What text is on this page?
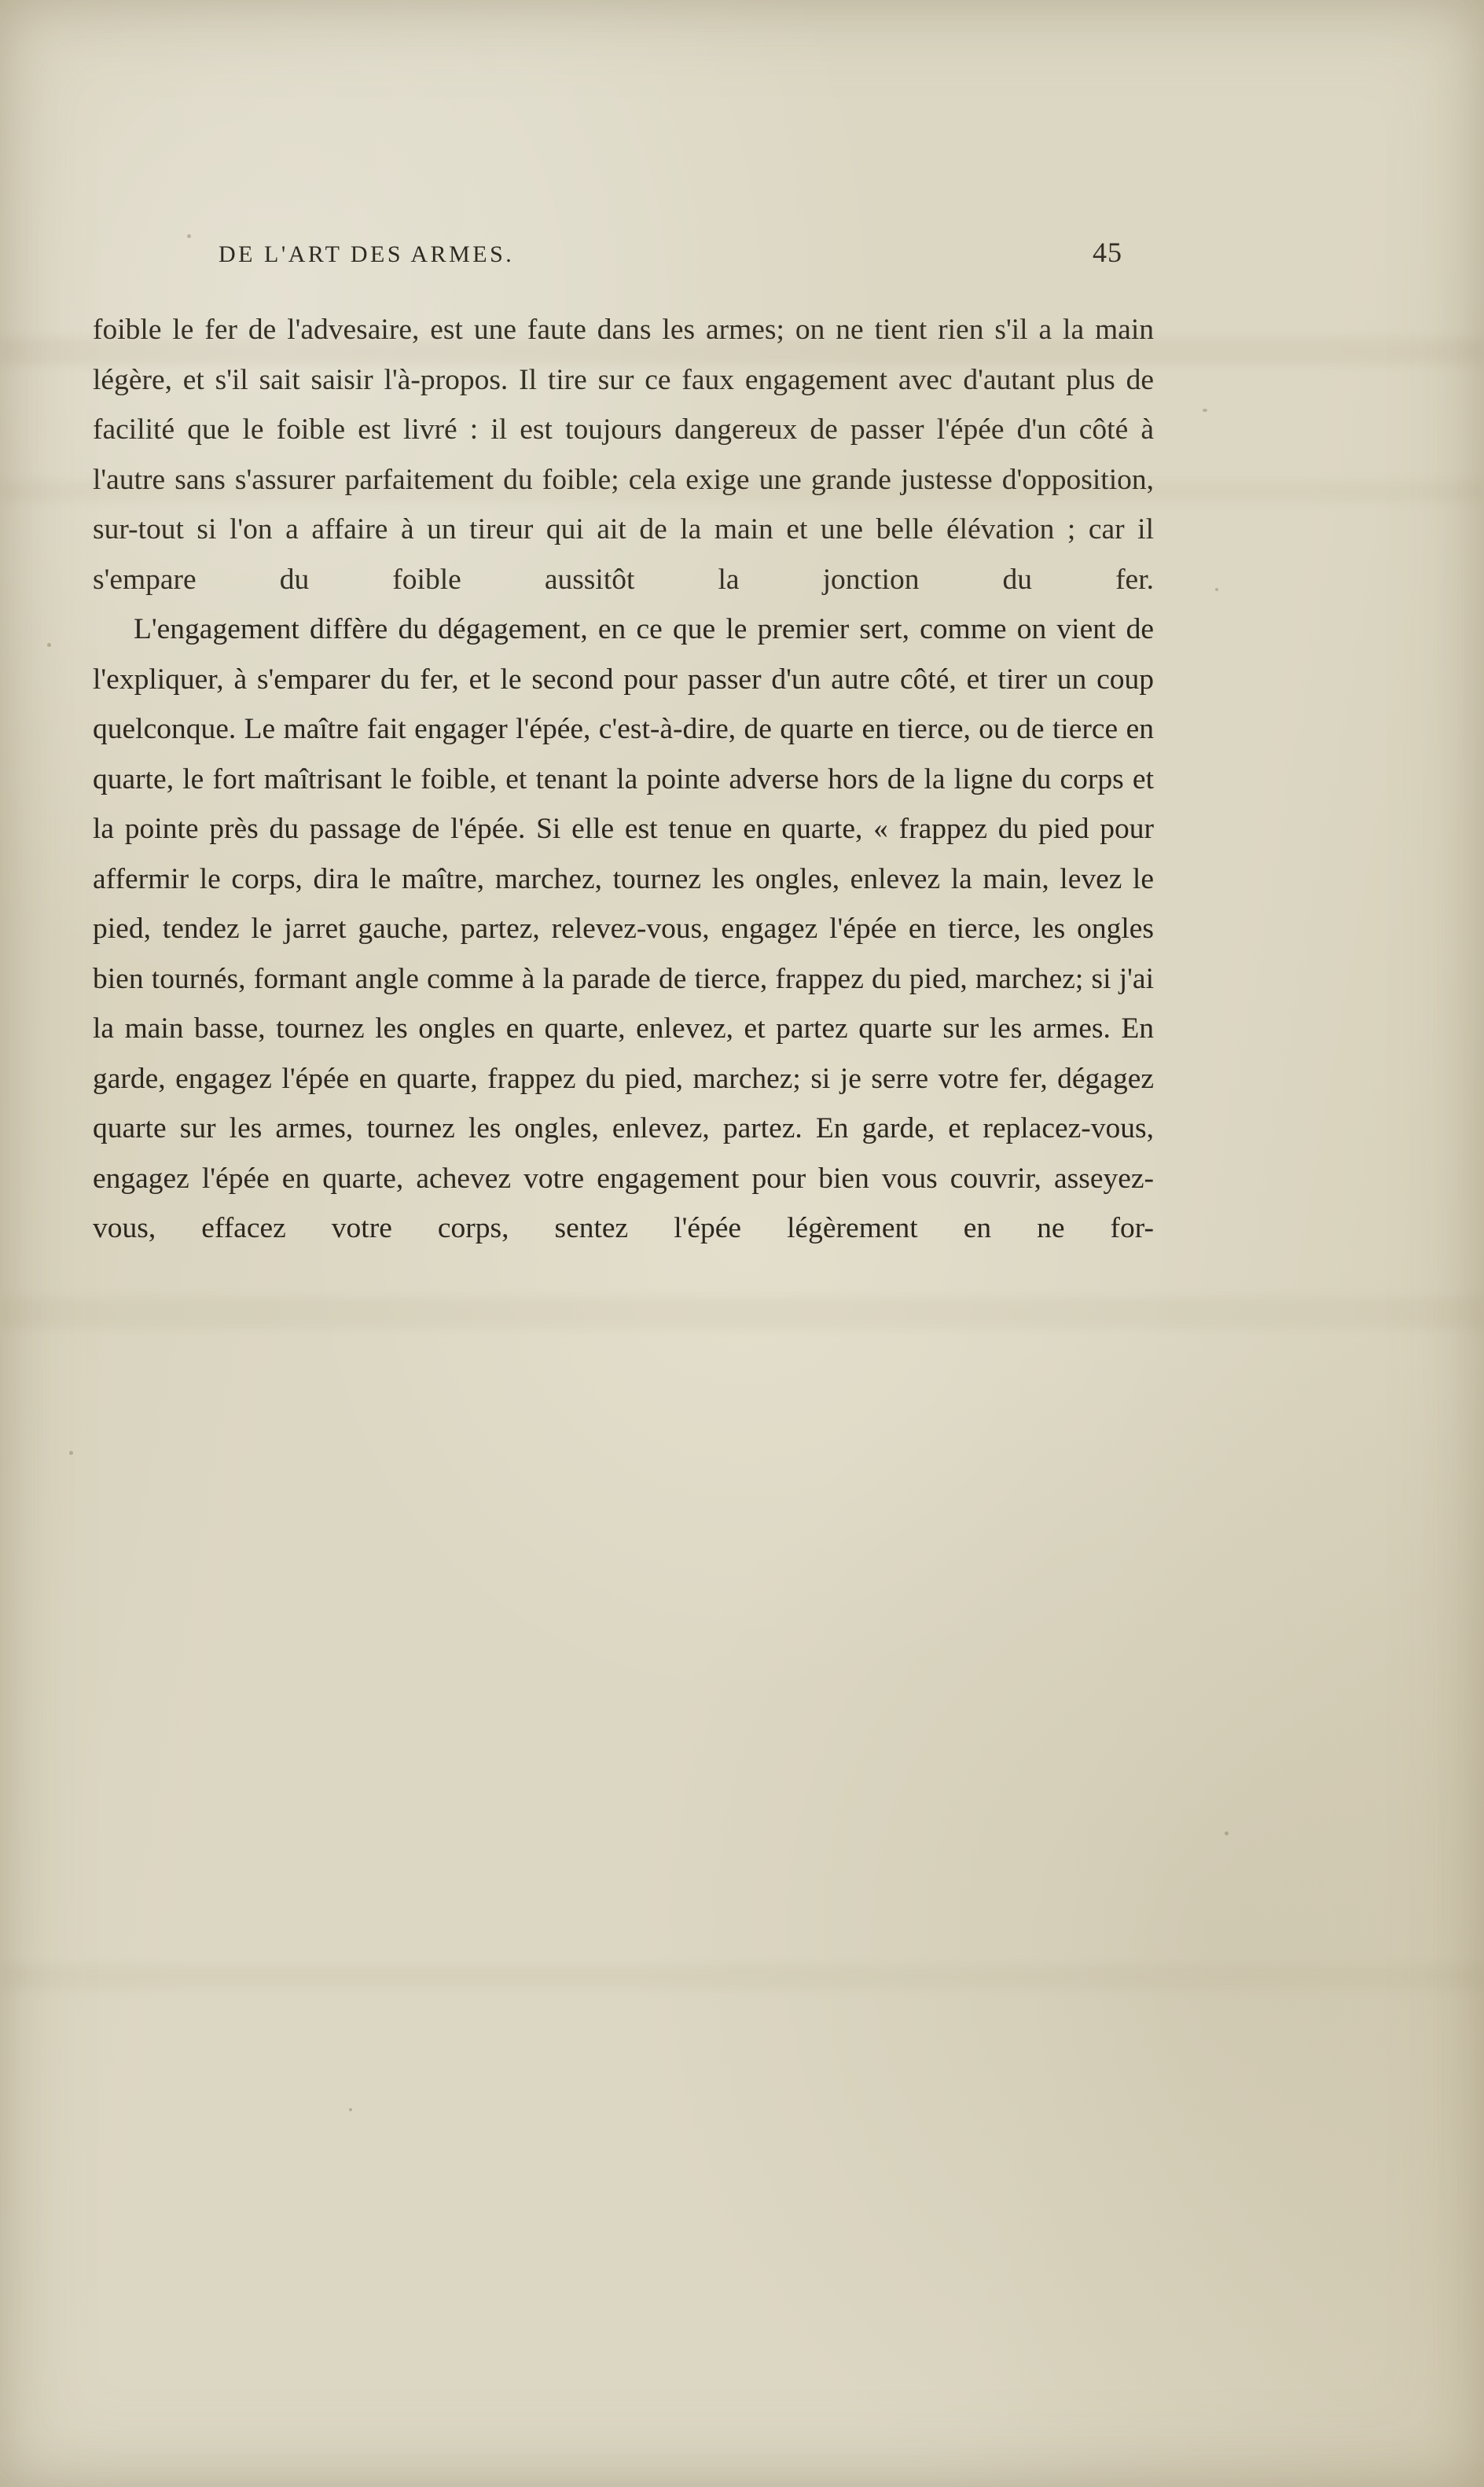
DE L'ART DES ARMES.	45

foible le fer de l'advesaire, est une faute dans les armes; on ne tient rien s'il a la main légère, et s'il sait saisir l'à-propos. Il tire sur ce faux engagement avec d'autant plus de facilité que le foible est livré : il est toujours dangereux de passer l'épée d'un côté à l'autre sans s'assurer parfaitement du foible; cela exige une grande justesse d'opposition, sur-tout si l'on a affaire à un tireur qui ait de la main et une belle élévation ; car il s'empare du foible aussitôt la jonction du fer.

L'engagement diffère du dégagement, en ce que le premier sert, comme on vient de l'expliquer, à s'emparer du fer, et le second pour passer d'un autre côté, et tirer un coup quelconque. Le maître fait engager l'épée, c'est-à-dire, de quarte en tierce, ou de tierce en quarte, le fort maîtrisant le foible, et tenant la pointe adverse hors de la ligne du corps et la pointe près du passage de l'épée. Si elle est tenue en quarte, « frappez du pied pour affermir le corps, dira le maître, marchez, tournez les ongles, enlevez la main, levez le pied, tendez le jarret gauche, partez, relevez-vous, engagez l'épée en tierce, les ongles bien tournés, formant angle comme à la parade de tierce, frappez du pied, marchez; si j'ai la main basse, tournez les ongles en quarte, enlevez, et partez quarte sur les armes. En garde, engagez l'épée en quarte, frappez du pied, marchez; si je serre votre fer, dégagez quarte sur les armes, tournez les ongles, enlevez, partez. En garde, et replacez-vous, engagez l'épée en quarte, achevez votre engagement pour bien vous couvrir, asseyez-vous, effacez votre corps, sentez l'épée légèrement en ne for-
